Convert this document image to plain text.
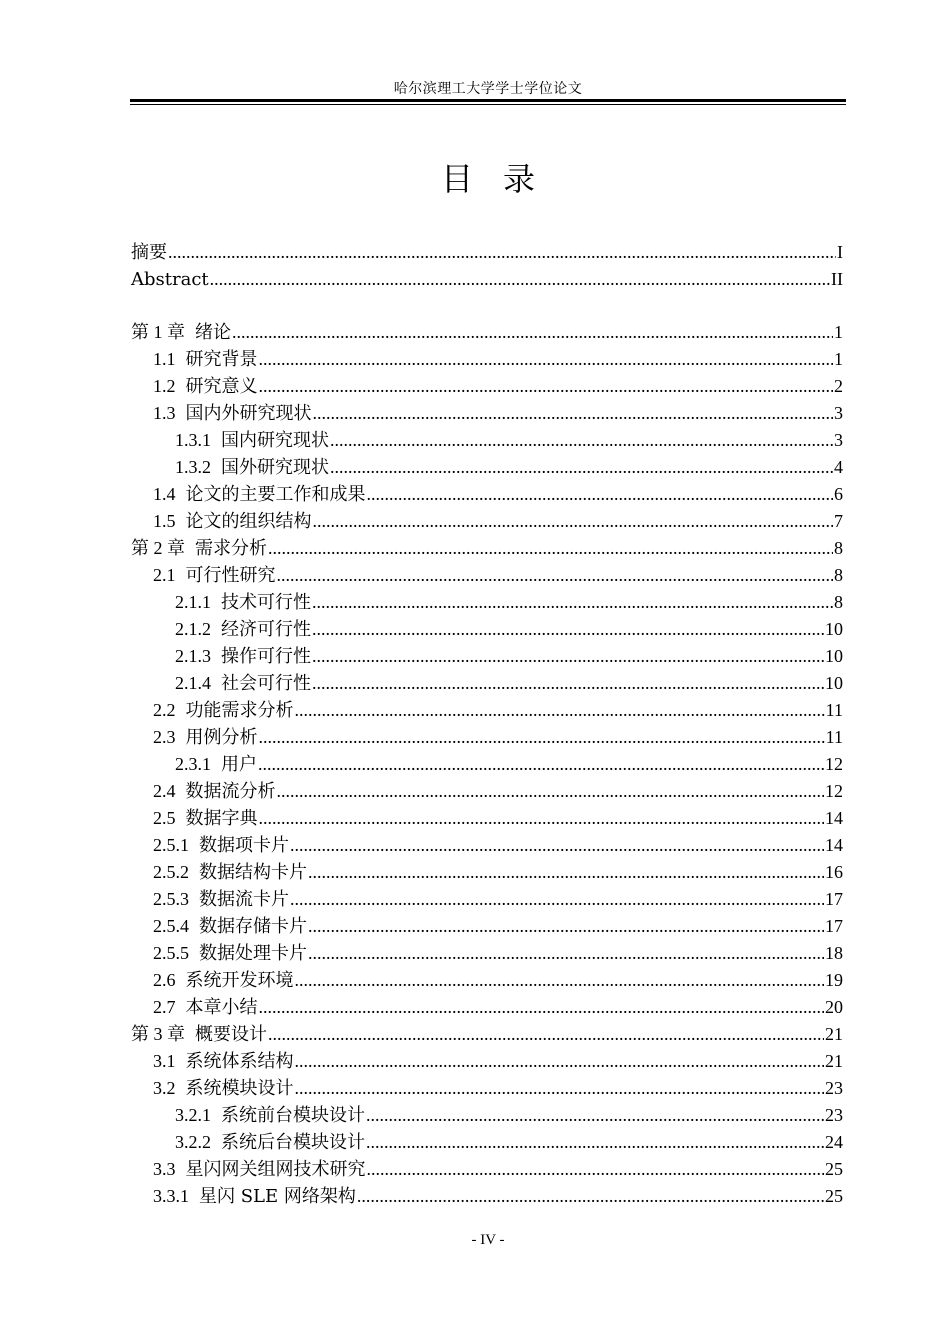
哈尔滨理工大学学士学位论文
目录
摘要 .....	I
Abstract .....	II
第 1 章 绪论 .....	1
1.1 研究背景 .....	1
1.2 研究意义 .....	2
1.3 国内外研究现状 .....	3
1.3.1 国内研究现状 .....	3
1.3.2 国外研究现状 .....	4
1.4 论文的主要工作和成果 .....	6
1.5 论文的组织结构 .....	7
第 2 章 需求分析 .....	8
2.1 可行性研究 .....	8
2.1.1 技术可行性 .....	8
2.1.2 经济可行性 .....	10
2.1.3 操作可行性 .....	10
2.1.4 社会可行性 .....	10
2.2 功能需求分析 .....	11
2.3 用例分析 .....	11
2.3.1 用户 .....	12
2.4 数据流分析 .....	12
2.5 数据字典 .....	14
2.5.1 数据项卡片 .....	14
2.5.2 数据结构卡片 .....	16
2.5.3 数据流卡片 .....	17
2.5.4 数据存储卡片 .....	17
2.5.5 数据处理卡片 .....	18
2.6 系统开发环境 .....	19
2.7 本章小结 .....	20
第 3 章 概要设计 .....	21
3.1 系统体系结构 .....	21
3.2 系统模块设计 .....	23
3.2.1 系统前台模块设计 .....	23
3.2.2 系统后台模块设计 .....	24
3.3 星闪网关组网技术研究 .....	25
3.3.1 星闪 SLE 网络架构 .....	25
- IV -
